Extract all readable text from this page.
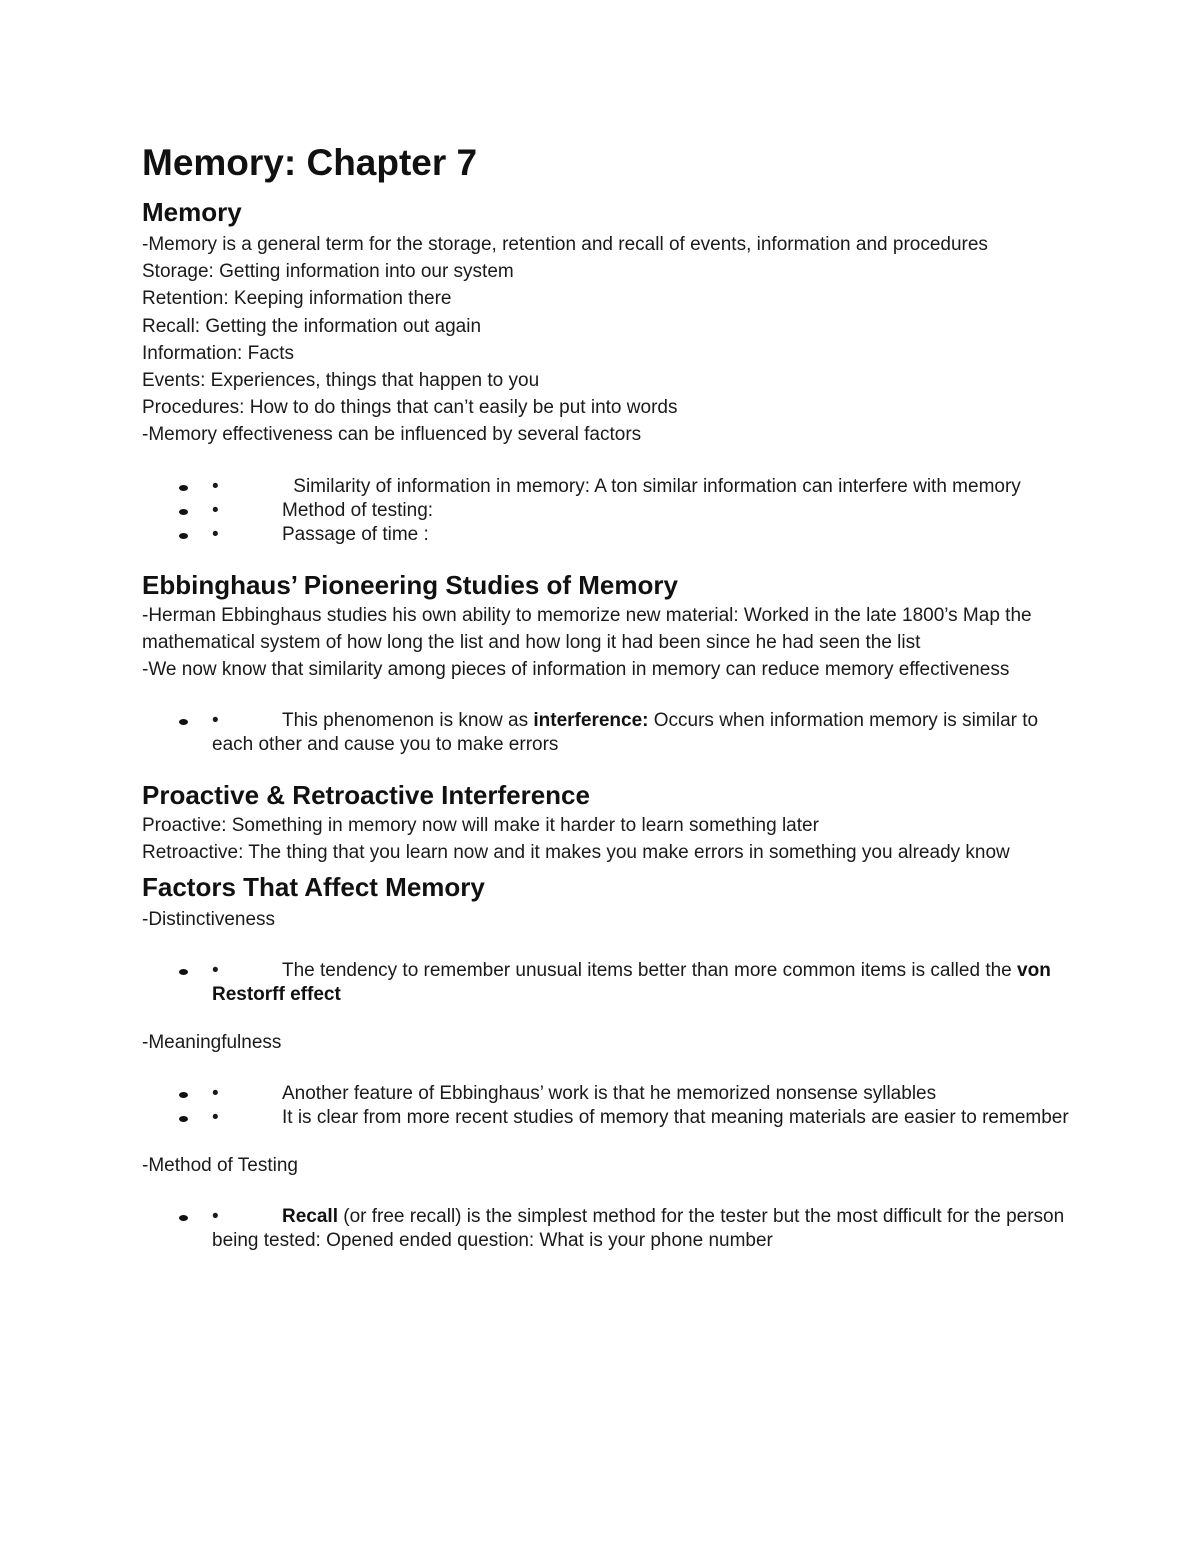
Memory: Chapter 7
Memory

-Memory is a general term for the storage, retention and recall of events, information and procedures

Storage: Getting information into our system

Retention: Keeping information there

Recall: Getting the information out again

Information: Facts

Events: Experiences, things that happen to you

Procedures: How to do things that can’t easily be put into words

-Memory effectiveness can be influenced by several factors

•	Similarity of information in memory: A ton similar information can interfere with memory
•	Method of testing:
•	Passage of time :
Ebbinghaus’ Pioneering Studies of Memory

-Herman Ebbinghaus studies his own ability to memorize new material: Worked in the late 1800’s Map the mathematical system of how long the list and how long it had been since he had seen the list

-We now know that similarity among pieces of information in memory can reduce memory effectiveness

•	This phenomenon is know as interference: Occurs when information memory is similar to each other and cause you to make errors
Proactive & Retroactive Interference

Proactive: Something in memory now will make it harder to learn something later

Retroactive: The thing that you learn now and it makes you make errors in something you already know

Factors That Affect Memory

-Distinctiveness

•	The tendency to remember unusual items better than more common items is called the von Restorff effect

-Meaningfulness

•	Another feature of Ebbinghaus’ work is that he memorized nonsense syllables
•	It is clear from more recent studies of memory that meaning materials are easier to remember

-Method of Testing

•	Recall (or free recall) is the simplest method for the tester but the most difficult for the person being tested: Opened ended question: What is your phone number
